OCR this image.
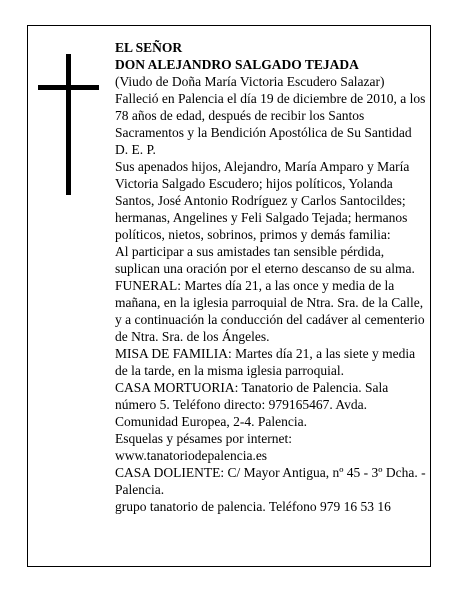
EL SEÑOR

DON ALEJANDRO SALGADO TEJADA

(Viudo de Doña María Victoria Escudero Salazar)

Falleció en Palencia el día 19 de diciembre de 2010, a los 78 años de edad, después de recibir los Santos Sacramentos y la Bendición Apostólica de Su Santidad D. E. P.

Sus apenados hijos, Alejandro, María Amparo y María Victoria Salgado Escudero; hijos políticos, Yolanda Santos, José Antonio Rodríguez y Carlos Santocildes; hermanas, Angelines y Feli Salgado Tejada; hermanos políticos, nietos, sobrinos, primos y demás familia:

Al participar a sus amistades tan sensible pérdida, suplican una oración por el eterno descanso de su alma.

FUNERAL: Martes día 21, a las once y media de la mañana, en la iglesia parroquial de Ntra. Sra. de la Calle, y a continuación la conducción del cadáver al cementerio de Ntra. Sra. de los Ángeles.

MISA DE FAMILIA: Martes día 21, a las siete y media de la tarde, en la misma iglesia parroquial.

CASA MORTUORIA: Tanatorio de Palencia. Sala número 5. Teléfono directo: 979165467. Avda. Comunidad Europea, 2-4. Palencia.

Esquelas y pésames por internet:

www.tanatoriodepalencia.es

CASA DOLIENTE: C/ Mayor Antigua, nº 45 - 3º Dcha. - Palencia.

grupo tanatorio de palencia. Teléfono 979 16 53 16
